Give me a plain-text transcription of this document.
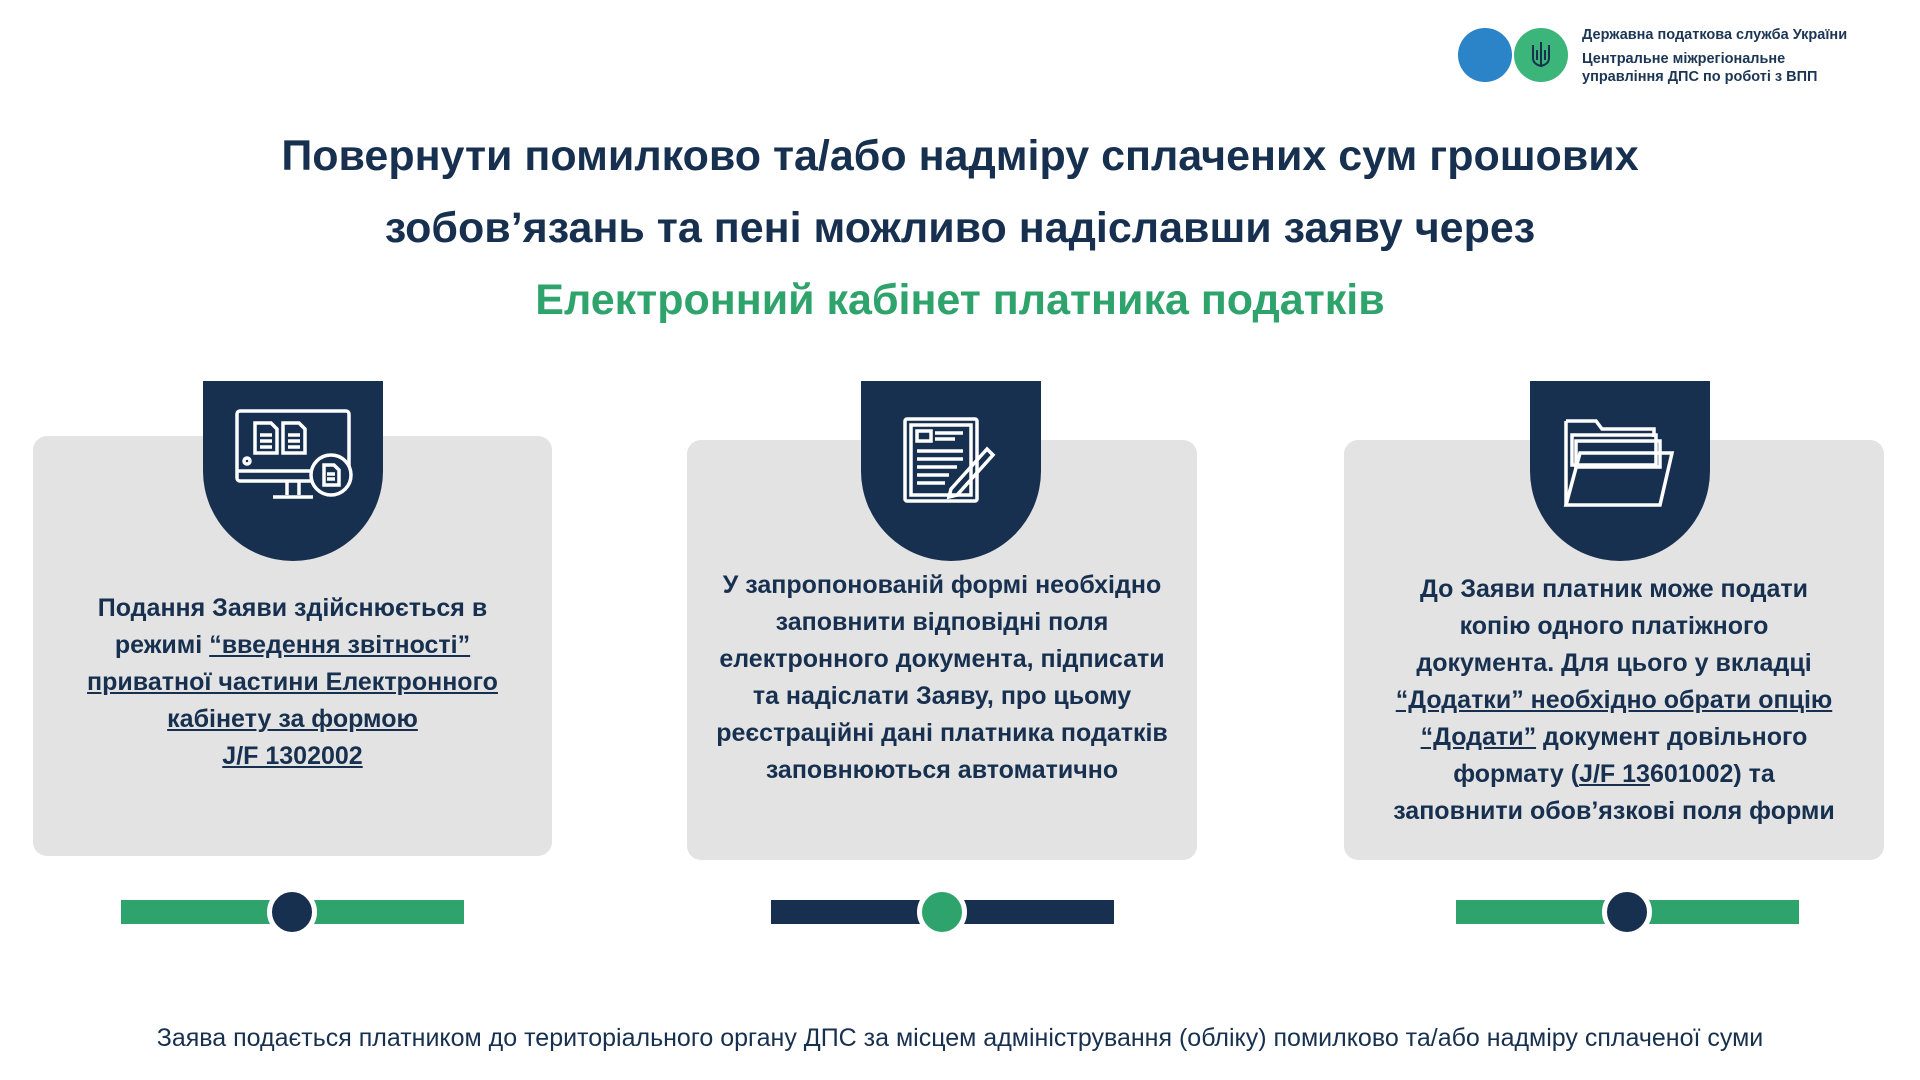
Державна податкова служба України
Центральне міжрегіональне
управління ДПС по роботі з ВПП
Повернути помилково та/або надміру сплачених сум грошових
зобов’язань та пені можливо надіславши заяву через
Електронний кабінет платника податків
Подання Заяви здійснюється в
режимі “введення звітності”
приватної частини Електронного
кабінету за формою
J/F 1302002
У запропонованій формі необхідно
заповнити відповідні поля
електронного документа, підписати
та надіслати Заяву, про цьому
реєстраційні дані платника податків
заповнюються автоматично
До Заяви платник може подати
копію одного платіжного
документа. Для цього у вкладці
“Додатки” необхідно обрати опцію
“Додати” документ довільного
формату (J/F 13601002) та
заповнити обов’язкові поля форми
Заява подається платником до територіального органу ДПС за місцем адміністрування (обліку) помилково та/або надміру сплаченої суми
